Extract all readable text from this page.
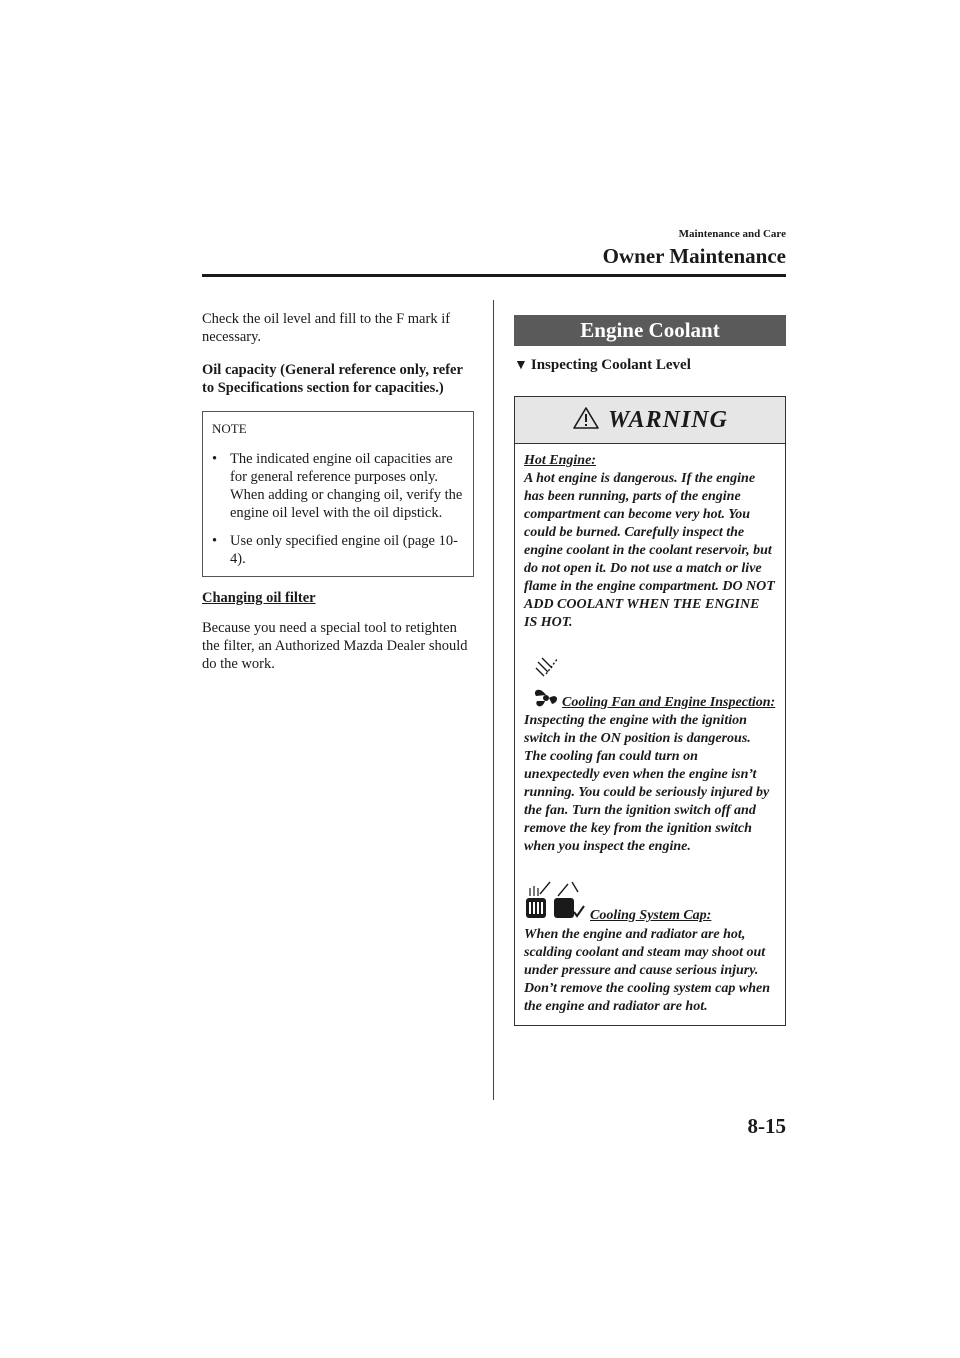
Maintenance and Care
Owner Maintenance

Check the oil level and fill to the F mark if necessary.

Oil capacity (General reference only, refer to Specifications section for capacities.)

NOTE
• The indicated engine oil capacities are for general reference purposes only. When adding or changing oil, verify the engine oil level with the oil dipstick.
• Use only specified engine oil (page 10-4).

Changing oil filter

Because you need a special tool to retighten the filter, an Authorized Mazda Dealer should do the work.

Engine Coolant
▼ Inspecting Coolant Level
WARNING
Hot Engine:

A hot engine is dangerous. If the engine has been running, parts of the engine compartment can become very hot. You could be burned. Carefully inspect the engine coolant in the coolant reservoir, but do not open it. Do not use a match or live flame in the engine compartment. DO NOT ADD COOLANT WHEN THE ENGINE IS HOT.

Cooling Fan and Engine Inspection:

Inspecting the engine with the ignition switch in the ON position is dangerous. The cooling fan could turn on unexpectedly even when the engine isn’t running. You could be seriously injured by the fan. Turn the ignition switch off and remove the key from the ignition switch when you inspect the engine.

Cooling System Cap:

When the engine and radiator are hot, scalding coolant and steam may shoot out under pressure and cause serious injury. Don’t remove the cooling system cap when the engine and radiator are hot.

8-15
